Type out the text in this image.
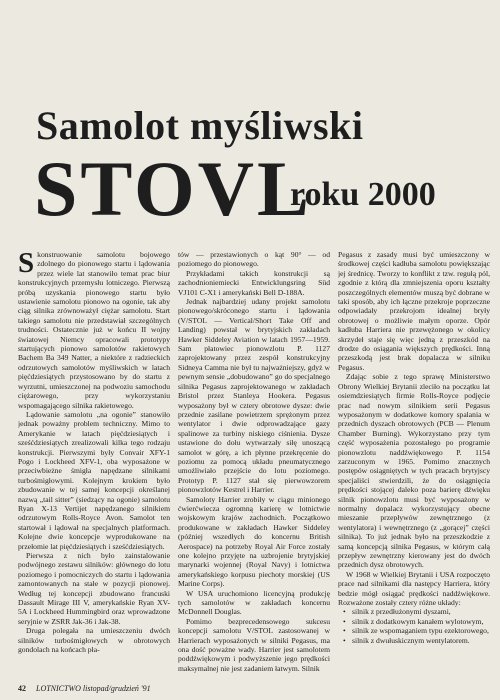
Samolot myśliwski
STOVL
roku 2000
S konstruowanie samolotu bojowego zdolnego do pionowego startu i lądowania przez wiele lat stanowiło temat prac biur konstrukcyjnych przemysłu lotniczego. Pierwszą próbą uzyskania pionowego startu było ustawienie samolotu pionowo na ogonie, tak aby ciąg silnika zrównoważył ciężar samolotu. Start takiego samolotu nie przedstawiał szczególnych trudności. Ostatecznie już w końcu II wojny światowej Niemcy opracowali prototypy startujących pionowo samolotów rakietowych Bachem Ba 349 Natter, a niektóre z radzieckich odrzutowych samolotów myśliwskich w latach pięćdziesiątych przystosowano by do startu z wyrzutni, umieszczonej na podwoziu samochodu ciężarowego, przy wykorzystaniu wspomagającego silnika rakietowego.

Lądowanie samolotu „na ogonie” stanowiło jednak poważny problem techniczny. Mimo to Amerykanie w latach pięćdziesiątych i sześćdziesiątych zrealizowali kilka tego rodzaju konstrukcji. Pierwszymi były Convair XFY-1 Pogo i Lockheed XFV-1, oba wyposażone w przeciwbieżne śmigła napędzane silnikami turbośmigłowymi. Kolejnym krokiem było zbudowanie w tej samej koncepcji określanej nazwą „tail sitter” (siedzący na ogonie) samolotu Ryan X-13 Vertijet napędzanego silnikiem odrzutowym Rolls-Royce Avon. Samolot ten startował i lądował na specjalnych platformach. Kolejne dwie koncepcje wyprodukowane na przełomie lat pięćdziesiątych i sześćdziesiątych.

Pierwsza z nich było zainstalowanie podwójnego zestawu silników: głównego do lotu poziomego i pomocniczych do startu i lądowania zamontowanych na stałe w pozycji pionowej. Według tej koncepcji zbudowano francuski Dassault Mirage III V, amerykańskie Ryan XV-5A i Lockheed Hummingbird oraz wprowadzone seryjnie w ZSRR Jak-36 i Jak-38.

Druga polegała na umieszczeniu dwóch silników turbośmigłowych w obrotowych gondolach na końcach pła-

tów — przestawionych o kąt 90° — od poziomego do pionowego.

Przykładami takich konstrukcji są zachodnioniemiecki Entwicklungsring Süd VJ101 C-X1 i amerykański Bell D-188A.

Jednak najbardziej udany projekt samolotu pionowego/skróconego startu i lądowania (V/STOL — Vertical/Short Take Off and Landing) powstał w brytyjskich zakładach Hawker Siddeley Aviation w latach 1957—1959. Sam płatowiec pionowzlotu P. 1127 zaprojektowany przez zespół konstrukcyjny Sidneya Camma nie był tu najważniejszy, gdyż w pewnym sensie „dobudowano” go do specjalnego silnika Pegasus zaprojektowanego w zakładach Bristol przez Stanleya Hookera. Pegasus wyposażony był w cztery obrotowe dysze: dwie przednie zasilane powietrzem sprężonym przez wentylator i dwie odprowadzające gazy spalinowe za turbiny niskiego ciśnienia. Dysze ustawione do dołu wytwarzały siłę unoszącą samolot w górę, a ich płynne przekręcenie do poziomu za pomocą układu pneumatycznego umożliwiało przejście do lotu poziomego. Prototyp P. 1127 stał się pierwowzorem pionowzlotów Kestrel i Harrier.

Samoloty Harrier zrobiły w ciągu minionego ćwierćwiecza ogromną karierę w lotnictwie wojskowym krajów zachodnich. Początkowo produkowane w zakładach Hawker Siddeley (później wszedłych do koncernu British Aerospace) na potrzeby Royal Air Force zostały one kolejno przyjęte na uzbrojenie brytyjskiej marynarki wojennej (Royal Navy) i lotnictwa amerykańskiego korpusu piechoty morskiej (US Marine Corps).

W USA uruchomiono licencyjną produkcję tych samolotów w zakładach koncernu McDonnell Douglas.

Pomimo bezprecedensowego sukcesu koncepcji samolotu V/STOL zastosowanej w Harrierach wyposażonych w silniki Pegasus, ma ona dość poważne wady. Harrier jest samolotem poddźwiękowym i podwyższenie jego prędkości maksymalnej nie jest zadaniem łatwym. Silnik

Pegasus z zasady musi być umieszczony w środkowej części kadłuba samolotu powiększając jej średnicę. Tworzy to konflikt z tzw. regułą pól, zgodnie z którą dla zmniejszenia oporu kształty poszczególnych elementów muszą być dobrane w taki sposób, aby ich łączne przekroje poprzeczne odpowiadały przekrojom idealnej bryły obrotowej o możliwie małym oporze. Opór kadłuba Harriera nie przewężonego w okolicy skrzydeł staje się więc jedną z przeszkód na drodze do osiągania większych prędkości. Inną przeszkodą jest brak dopalacza w silniku Pegasus.

Zdając sobie z tego sprawę Ministerstwo Obrony Wielkiej Brytanii zleciło na początku lat osiemdziesiątych firmie Rolls-Royce podjęcie prac nad nowym silnikiem serii Pegasus wyposażonym w dodatkowe komory spalania w przednich dyszach obrotowych (PCB — Plenum Chamber Burning). Wykorzystano przy tym część wyposażenia pozostałego po programie pionowzlotu naddźwiękowego P. 1154 zarzuconym w 1965. Pomimo znacznych postępów osiągniętych w tych pracach brytyjscy specjaliści stwierdzili, że do osiągnięcia prędkości stojącej daleko poza barierę dźwięku silnik pionowzlotu musi być wyposażony w normalny dopalacz wykorzystujący obecne mieszanie przepływów zewnętrznego (z wentylatora) i wewnętrznego (z „gorącej” części silnika). To już jednak było na przeszkodzie z samą koncepcją silnika Pegasus, w którym całą przepływ zewnętrzny kierowany jest do dwóch przednich dysz obrotowych.

W 1968 w Wielkiej Brytanii i USA rozpoczęto prace nad silnikami dla następcy Harriera, który bedzie mógł osiągać prędkości naddźwiękowe. Rozważone zostały cztery różne układy:

• silnik z przedłużonymi dyszami,
• silnik z dodatkowym kanałem wylotowym,
• silnik ze wspomaganiem typu ezektorowego,
• silnik z dwułuskicznym wentylatorem.
42 LOTNICTWO listopad/grudzień '91
